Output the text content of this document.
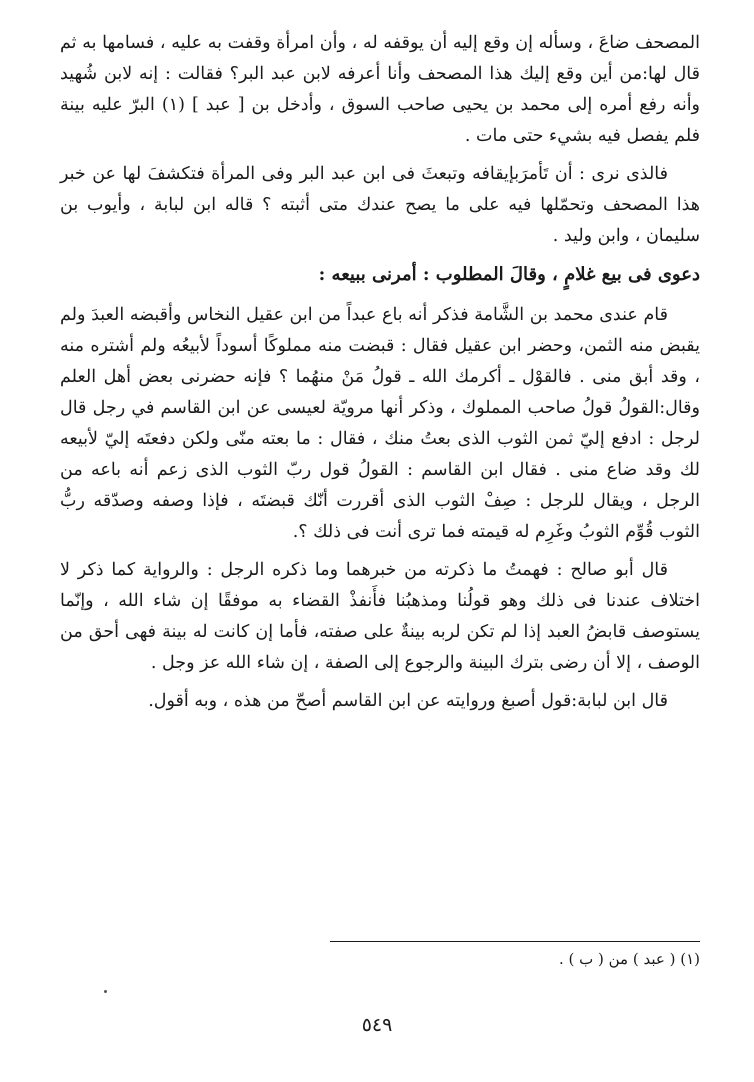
المصحف ضاعَ ، وسأله إن وقع إليه أن يوقفه له ، وأن امرأة وقفت به عليه ، فسامها به ثم قال لها:من أين وقع إليك هذا المصحف وأنا أعرفه لابن عبد البر؟ فقالت : إنه لابن شُهيد وأنه رفع أمره إلى محمد بن يحيى صاحب السوق ، وأدخل بن [ عبد ] (١) البرّ عليه بينة فلم يفصل فيه بشيء حتى مات .

فالذى نرى : أن تَأمرَبإيقافه وتبعثَ فى ابن عبد البر وفى المرأة فتكشفَ لها عن خبر هذا المصحف وتحمّلها فيه على ما يصح عندك متى أثبته ؟ قاله ابن لبابة ، وأيوب بن سليمان ، وابن وليد .

دعوى فى بيع غلامٍ ، وقالَ المطلوب : أمرنى ببيعه :

قام عندى محمد بن الشَّامة فذكر أنه باع عبداً من ابن عقيل النخاس وأقبضه العبدَ ولم يقبض منه الثمن، وحضر ابن عقيل فقال : قبضت منه مملوكًا أسوداً لأبيعُه ولم أشتره منه ، وقد أبق منى . فالقوْل ـ أكرمك الله ـ قولُ مَنْ منهُما ؟ فإنه حضرنى بعض أهل العلم وقال:القولُ قولُ صاحب المملوك ، وذكر أنها مرويّة لعيسى عن ابن القاسم في رجل قال لرجل : ادفع إليّ ثمن الثوب الذى بعتُ منك ، فقال : ما بعته منّى ولكن دفعتَه إليّ لأبيعه لك وقد ضاع منى . فقال ابن القاسم : القولُ قول ربّ الثوب الذى زعم أنه باعه من الرجل ، ويقال للرجل : صِفْ الثوب الذى أقررت أنّك قبضتَه ، فإذا وصفه وصدّقه ربُّ الثوب قُوِّم الثوبُ وغَرِم له قيمته فما ترى أنت فى ذلك ؟.

قال أبو صالح : فهمتُ ما ذكرته من خبرهما وما ذكره الرجل : والرواية كما ذكر لا اختلاف عندنا فى ذلك وهو قولُنا ومذهبُنا فأَنفذْ القضاء به موفقًا إن شاء الله ، وإنّما يستوصف قابضُ العبد إذا لم تكن لربه بينةٌ على صفته، فأما إن كانت له بينة فهى أحق من الوصف ، إلا أن رضى بترك البينة والرجوع إلى الصفة ، إن شاء الله عز وجل .

قال ابن لبابة:قول أصبغ وروايته عن ابن القاسم أصحّ من هذه ، وبه أقول.

(١) ( عبد ) من ( ب ) .
٥٤٩
